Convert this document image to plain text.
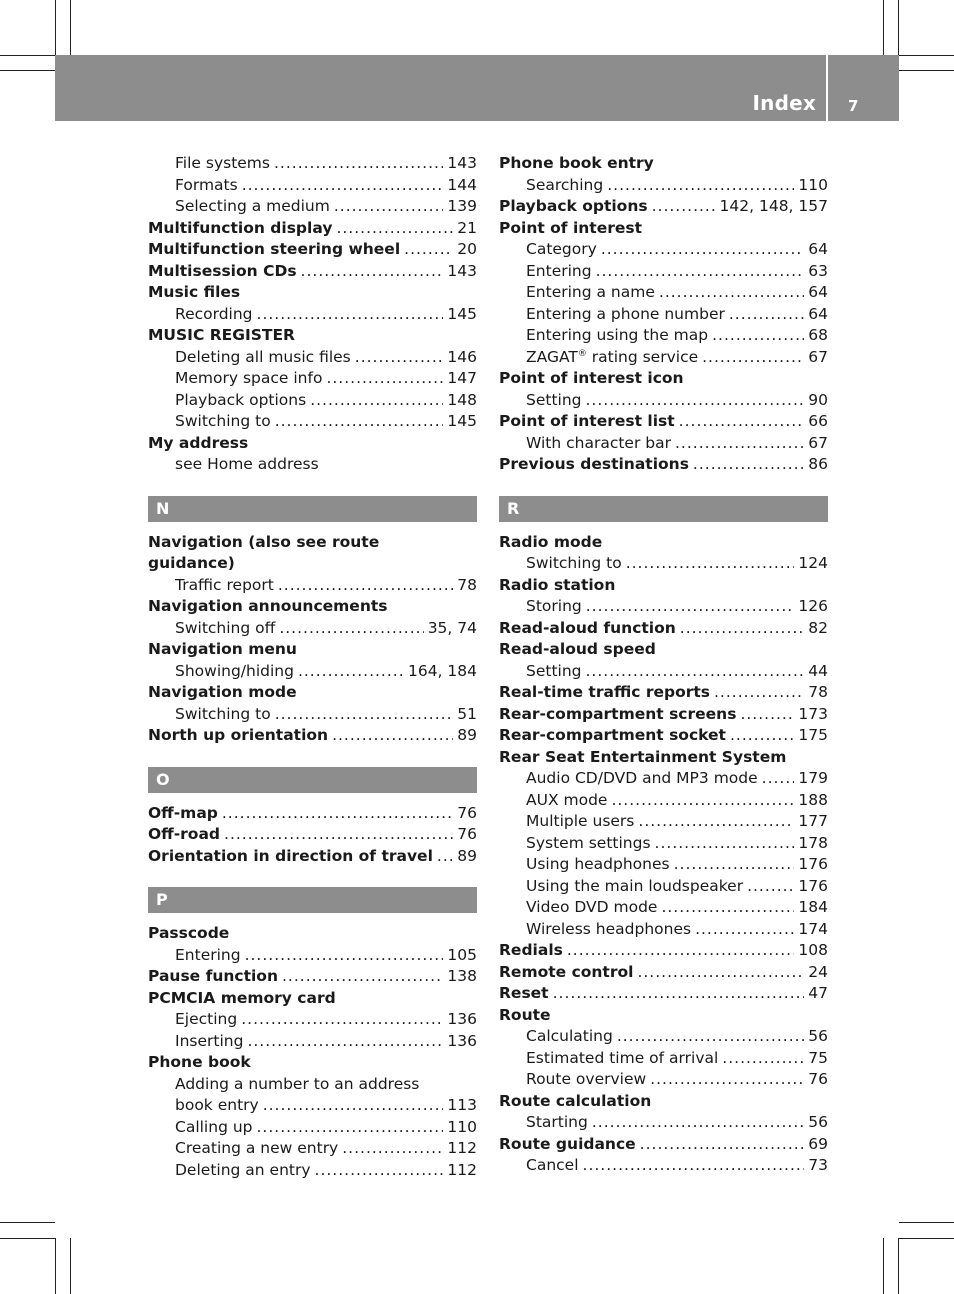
Index 7
File systems .....	143
Formats .....	144
Selecting a medium .....	139
Multifunction display .....	21
Multifunction steering wheel .....	20
Multisession CDs .....	143
Music files
Recording .....	145
MUSIC REGISTER
Deleting all music files .....	146
Memory space info .....	147
Playback options .....	148
Switching to .....	145
My address
see Home address
N
Navigation (also see route
guidance)
Traffic report .....	78
Navigation announcements
Switching off .....	35, 74
Navigation menu
Showing/hiding .....	164, 184
Navigation mode
Switching to .....	51
North up orientation .....	89
O
Off-map .....	76
Off-road .....	76
Orientation in direction of travel ..... 89
P
Passcode
Entering .....	105
Pause function .....	138
PCMCIA memory card
Ejecting .....	136
Inserting .....	136
Phone book
Adding a number to an address
book entry .....	113
Calling up .....	110
Creating a new entry .....	112
Deleting an entry .....	112
Phone book entry
Searching .....	110
Playback options .....	142, 148, 157
Point of interest
Category .....	64
Entering .....	63
Entering a name .....	64
Entering a phone number .....	64
Entering using the map .....	68
ZAGAT® rating service .....	67
Point of interest icon
Setting .....	90
Point of interest list .....	66
With character bar .....	67
Previous destinations .....	86
R
Radio mode
Switching to .....	124
Radio station
Storing .....	126
Read-aloud function .....	82
Read-aloud speed
Setting .....	44
Real-time traffic reports .....	78
Rear-compartment screens .....	173
Rear-compartment socket .....	175
Rear Seat Entertainment System
Audio CD/DVD and MP3 mode .....	179
AUX mode .....	188
Multiple users .....	177
System settings .....	178
Using headphones .....	176
Using the main loudspeaker .....	176
Video DVD mode .....	184
Wireless headphones .....	174
Redials .....	108
Remote control .....	24
Reset .....	47
Route
Calculating .....	56
Estimated time of arrival .....	75
Route overview .....	76
Route calculation
Starting .....	56
Route guidance .....	69
Cancel .....	73
